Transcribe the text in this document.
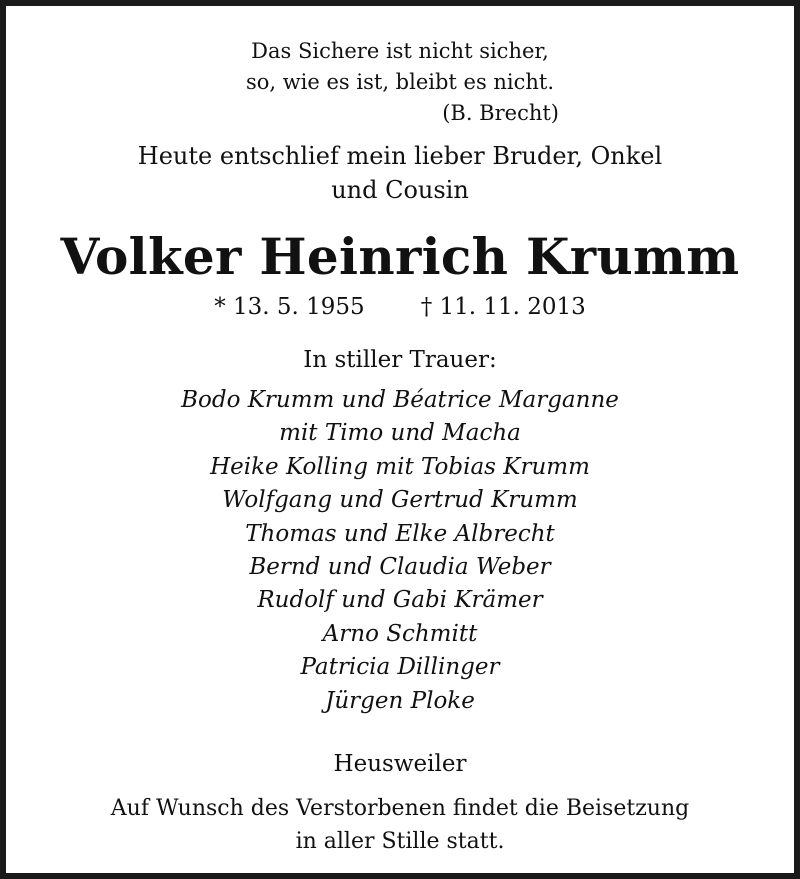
Das Sichere ist nicht sicher,
so, wie es ist, bleibt es nicht.
(B. Brecht)
Heute entschlief mein lieber Bruder, Onkel
und Cousin
Volker Heinrich Krumm
* 13. 5. 1955 † 11. 11. 2013
In stiller Trauer:
Bodo Krumm und Béatrice Marganne
mit Timo und Macha
Heike Kolling mit Tobias Krumm
Wolfgang und Gertrud Krumm
Thomas und Elke Albrecht
Bernd und Claudia Weber
Rudolf und Gabi Krämer
Arno Schmitt
Patricia Dillinger
Jürgen Ploke
Heusweiler
Auf Wunsch des Verstorbenen findet die Beisetzung
in aller Stille statt.
